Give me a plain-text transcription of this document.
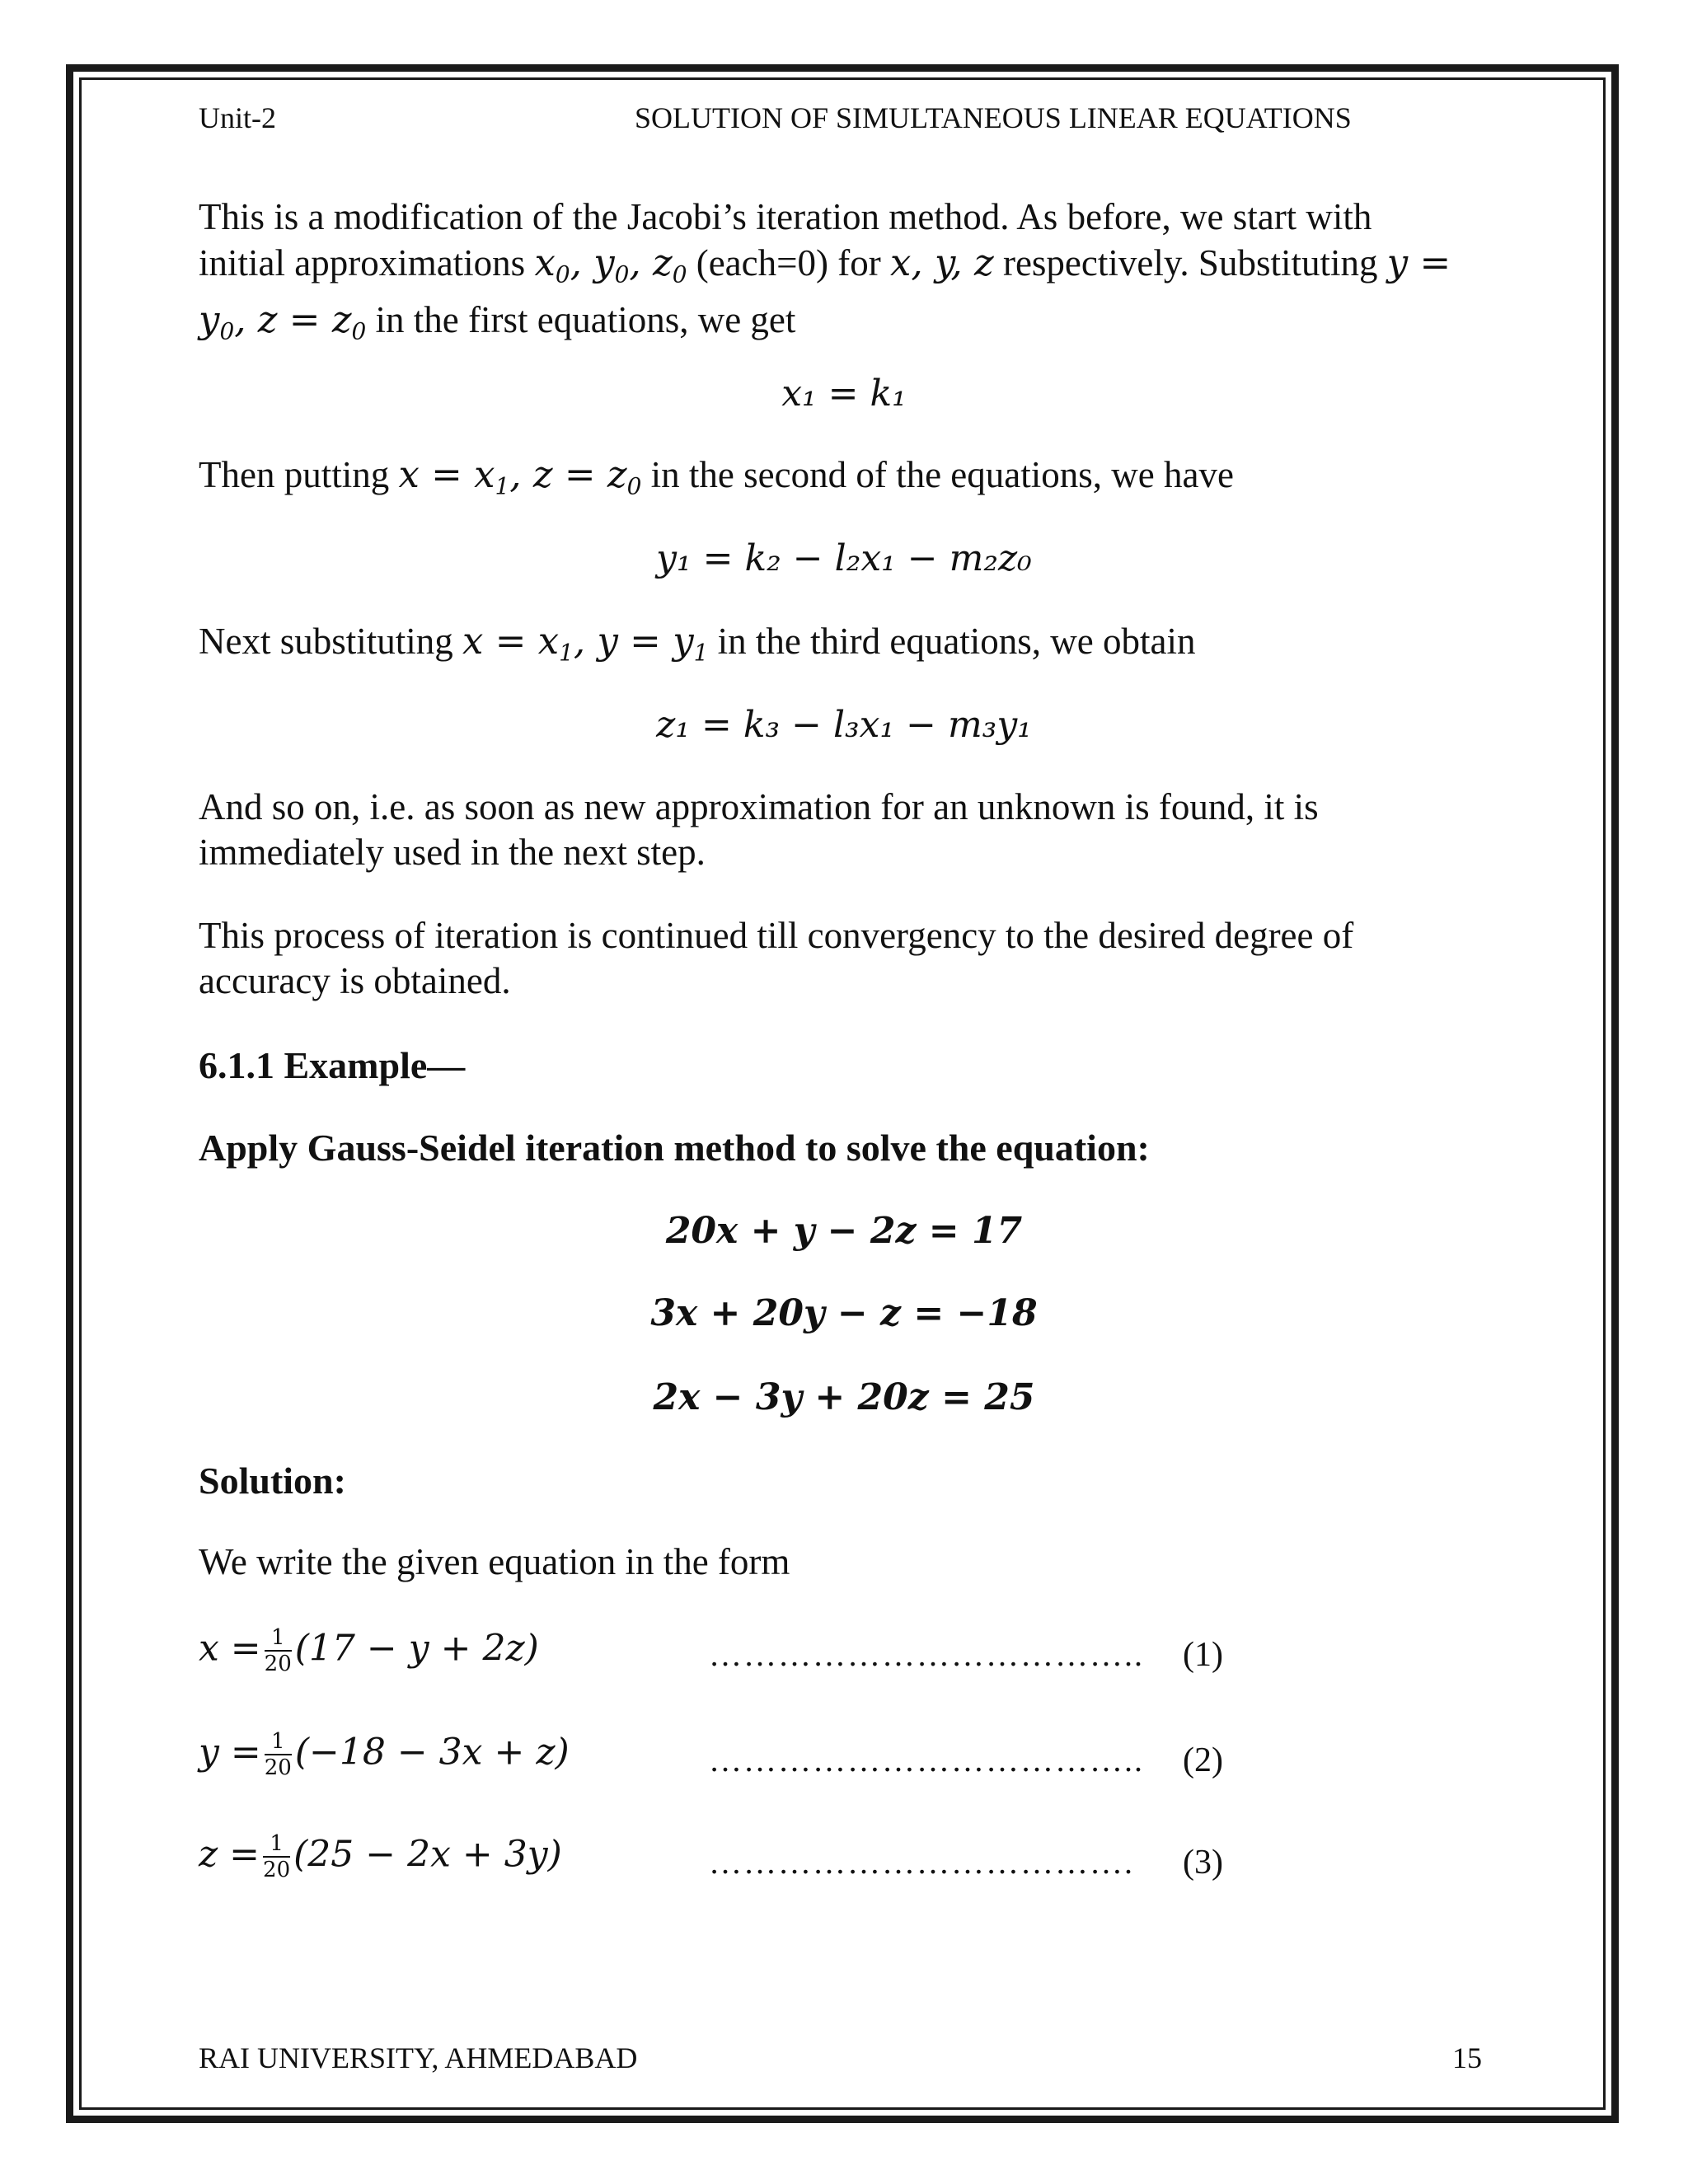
Unit-2	SOLUTION OF SIMULTANEOUS LINEAR EQUATIONS
This is a modification of the Jacobi’s iteration method. As before, we start with
initial approximations $x_0$, $y_0$, $z_0$ (each=0) for x, y, z respectively. Substituting y =
$y_0$, $z = z_0$ in the first equations, we get
x₁ = k₁
Then putting $x = x_1$, $z = z_0$ in the second of the equations, we have
y₁ = k₂ − l₂x₁ − m₂z₀
Next substituting $x = x_1$, $y = y_1$ in the third equations, we obtain
z₁ = k₃ − l₃x₁ − m₃y₁
And so on, i.e. as soon as new approximation for an unknown is found, it is
immediately used in the next step.
This process of iteration is continued till convergency to the desired degree of
accuracy is obtained.
6.1.1 Example—
Apply Gauss-Seidel iteration method to solve the equation:
20x + y − 2z = 17
3x + 20y − z = −18
2x − 3y + 20z = 25
Solution:
We write the given equation in the form
$x = \frac{1}{20} (17 - y + 2z)$	……………………………….. (1)
$y = \frac{1}{20} (-18 - 3x + z)$	……………………………….. (2)
$z = \frac{1}{20} (25 - 2x + 3y)$	………………………………. (3)
RAI UNIVERSITY, AHMEDABAD	15
